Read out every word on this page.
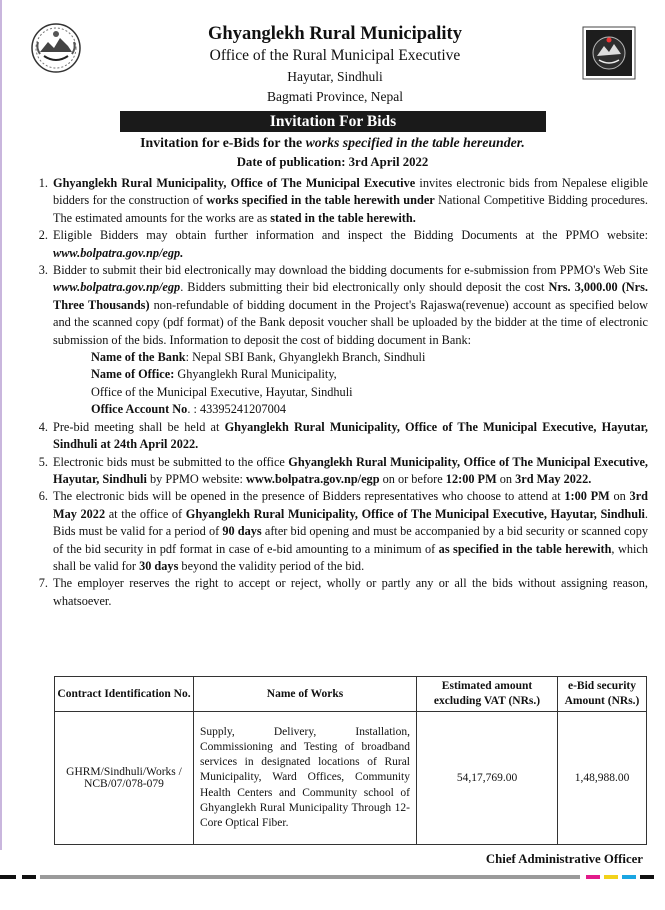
Ghyanglekh Rural Municipality
Office of the Rural Municipal Executive
Hayutar, Sindhuli
Bagmati Province, Nepal
Invitation For Bids
Invitation for e-Bids for the works specified in the table hereunder.
Date of publication: 3rd April 2022
1. Ghyanglekh Rural Municipality, Office of The Municipal Executive invites electronic bids from Nepalese eligible bidders for the construction of works specified in the table herewith under National Competitive Bidding procedures. The estimated amounts for the works are as stated in the table herewith.
2. Eligible Bidders may obtain further information and inspect the Bidding Documents at the PPMO website: www.bolpatra.gov.np/egp.
3. Bidder to submit their bid electronically may download the bidding documents for e-submission from PPMO's Web Site www.bolpatra.gov.np/egp. Bidders submitting their bid electronically only should deposit the cost Nrs. 3,000.00 (Nrs. Three Thousands) non-refundable of bidding document in the Project's Rajaswa(revenue) account as specified below and the scanned copy (pdf format) of the Bank deposit voucher shall be uploaded by the bidder at the time of electronic submission of the bids. Information to deposit the cost of bidding document in Bank:
Name of the Bank: Nepal SBI Bank, Ghyanglekh Branch, Sindhuli
Name of Office: Ghyanglekh Rural Municipality,
Office of the Municipal Executive, Hayutar, Sindhuli
Office Account No. : 43395241207004
4. Pre-bid meeting shall be held at Ghyanglekh Rural Municipality, Office of The Municipal Executive, Hayutar, Sindhuli at 24th April 2022.
5. Electronic bids must be submitted to the office Ghyanglekh Rural Municipality, Office of The Municipal Executive, Hayutar, Sindhuli by PPMO website: www.bolpatra.gov.np/egp on or before 12:00 PM on 3rd May 2022.
6. The electronic bids will be opened in the presence of Bidders representatives who choose to attend at 1:00 PM on 3rd May 2022 at the office of Ghyanglekh Rural Municipality, Office of The Municipal Executive, Hayutar, Sindhuli. Bids must be valid for a period of 90 days after bid opening and must be accompanied by a bid security or scanned copy of the bid security in pdf format in case of e-bid amounting to a minimum of as specified in the table herewith, which shall be valid for 30 days beyond the validity period of the bid.
7. The employer reserves the right to accept or reject, wholly or partly any or all the bids without assigning reason, whatsoever.
Contract Identification No.	Name of Works	Estimated amount excluding VAT (NRs.)	e-Bid security Amount (NRs.)
GHRM/Sindhuli/Works / NCB/07/078-079	Supply, Delivery, Installation, Commissioning and Testing of broadband services in designated locations of Rural Municipality, Ward Offices, Community Health Centers and Community school of Ghyanglekh Rural Municipality Through 12-Core Optical Fiber.	54,17,769.00	1,48,988.00
Chief Administrative Officer
